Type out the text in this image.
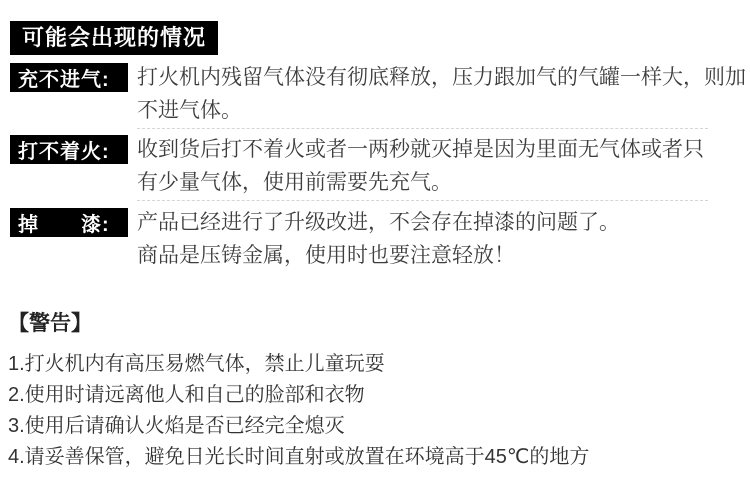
可能会出现的情况
充不进气: 打火机内残留气体没有彻底释放，压力跟加气的气罐一样大，则加
不进气体。
打不着火: 收到货后打不着火或者一两秒就灭掉是因为里面无气体或者只
有少量气体，使用前需要先充气。
掉　　漆: 产品已经进行了升级改进，不会存在掉漆的问题了。
商品是压铸金属，使用时也要注意轻放！
【警告】
1.打火机内有高压易燃气体，禁止儿童玩耍
2.使用时请远离他人和自己的脸部和衣物
3.使用后请确认火焰是否已经完全熄灭
4.请妥善保管，避免日光长时间直射或放置在环境高于45℃的地方
